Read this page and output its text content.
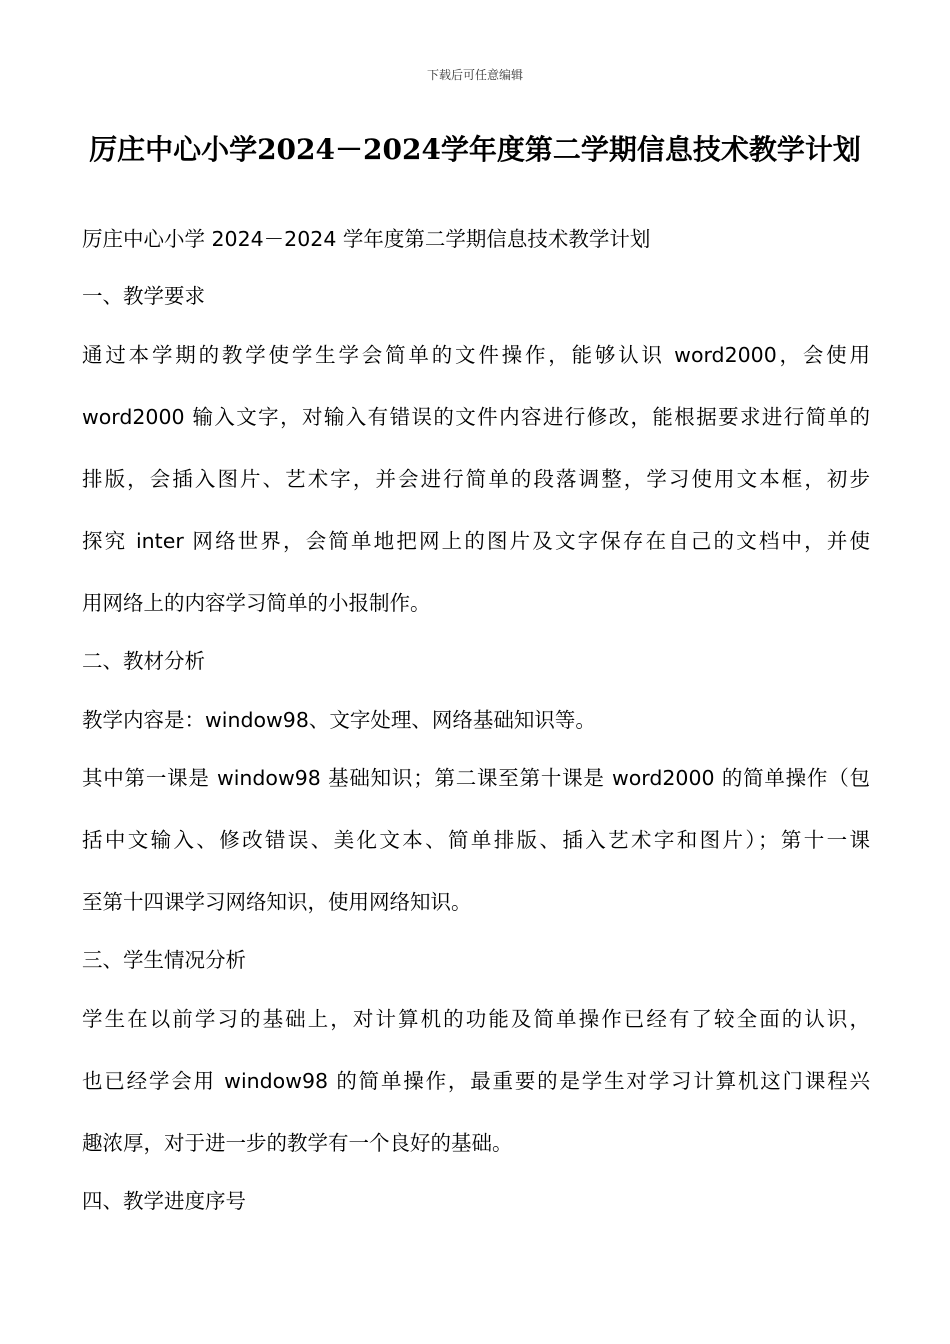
下载后可任意编辑
厉庄中心小学2024－2024学年度第二学期信息技术教学计划
厉庄中心小学 2024－2024 学年度第二学期信息技术教学计划
一、教学要求
通过本学期的教学使学生学会简单的文件操作，能够认识 word2000，会使用
word2000 输入文字，对输入有错误的文件内容进行修改，能根据要求进行简单的
排版，会插入图片、艺术字，并会进行简单的段落调整，学习使用文本框，初步
探究 inter 网络世界，会简单地把网上的图片及文字保存在自己的文档中，并使
用网络上的内容学习简单的小报制作。
二、教材分析
教学内容是：window98、文字处理、网络基础知识等。
其中第一课是 window98 基础知识；第二课至第十课是 word2000 的简单操作（包
括中文输入、修改错误、美化文本、简单排版、插入艺术字和图片）；第十一课
至第十四课学习网络知识，使用网络知识。
三、学生情况分析
学生在以前学习的基础上，对计算机的功能及简单操作已经有了较全面的认识，
也已经学会用 window98 的简单操作，最重要的是学生对学习计算机这门课程兴
趣浓厚，对于进一步的教学有一个良好的基础。
四、教学进度序号
